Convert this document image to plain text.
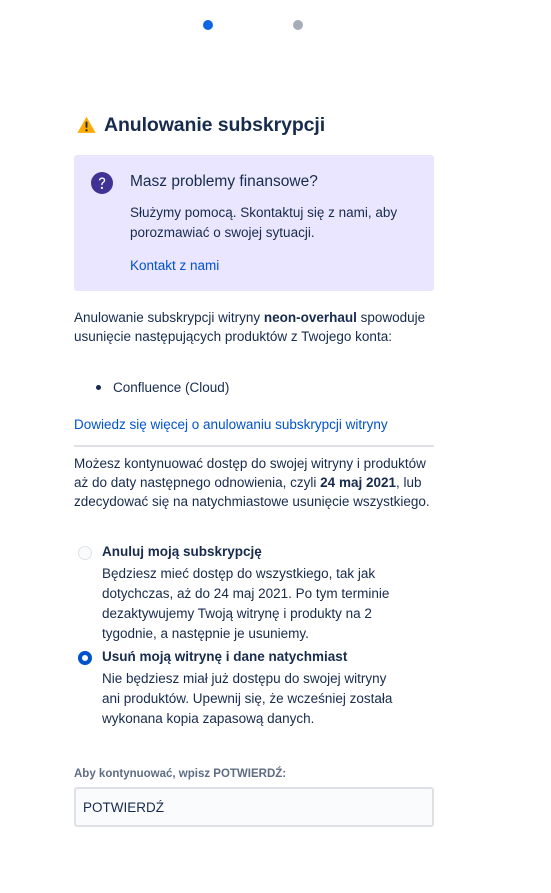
Anulowanie subskrypcji
Masz problemy finansowe?
Służymy pomocą. Skontaktuj się z nami, aby porozmawiać o swojej sytuacji.
Kontakt z nami
Anulowanie subskrypcji witryny neon-overhaul spowoduje usunięcie następujących produktów z Twojego konta:
Confluence (Cloud)
Dowiedz się więcej o anulowaniu subskrypcji witryny
Możesz kontynuować dostęp do swojej witryny i produktów aż do daty następnego odnowienia, czyli 24 maj 2021, lub zdecydować się na natychmiastowe usunięcie wszystkiego.
Anuluj moją subskrypcję
Będziesz mieć dostęp do wszystkiego, tak jak dotychczas, aż do 24 maj 2021. Po tym terminie dezaktywujemy Twoją witrynę i produkty na 2 tygodnie, a następnie je usuniemy.
Usuń moją witrynę i dane natychmiast
Nie będziesz miał już dostępu do swojej witryny ani produktów. Upewnij się, że wcześniej została wykonana kopia zapasową danych.
Aby kontynuować, wpisz POTWIERDŹ:
POTWIERDŹ
